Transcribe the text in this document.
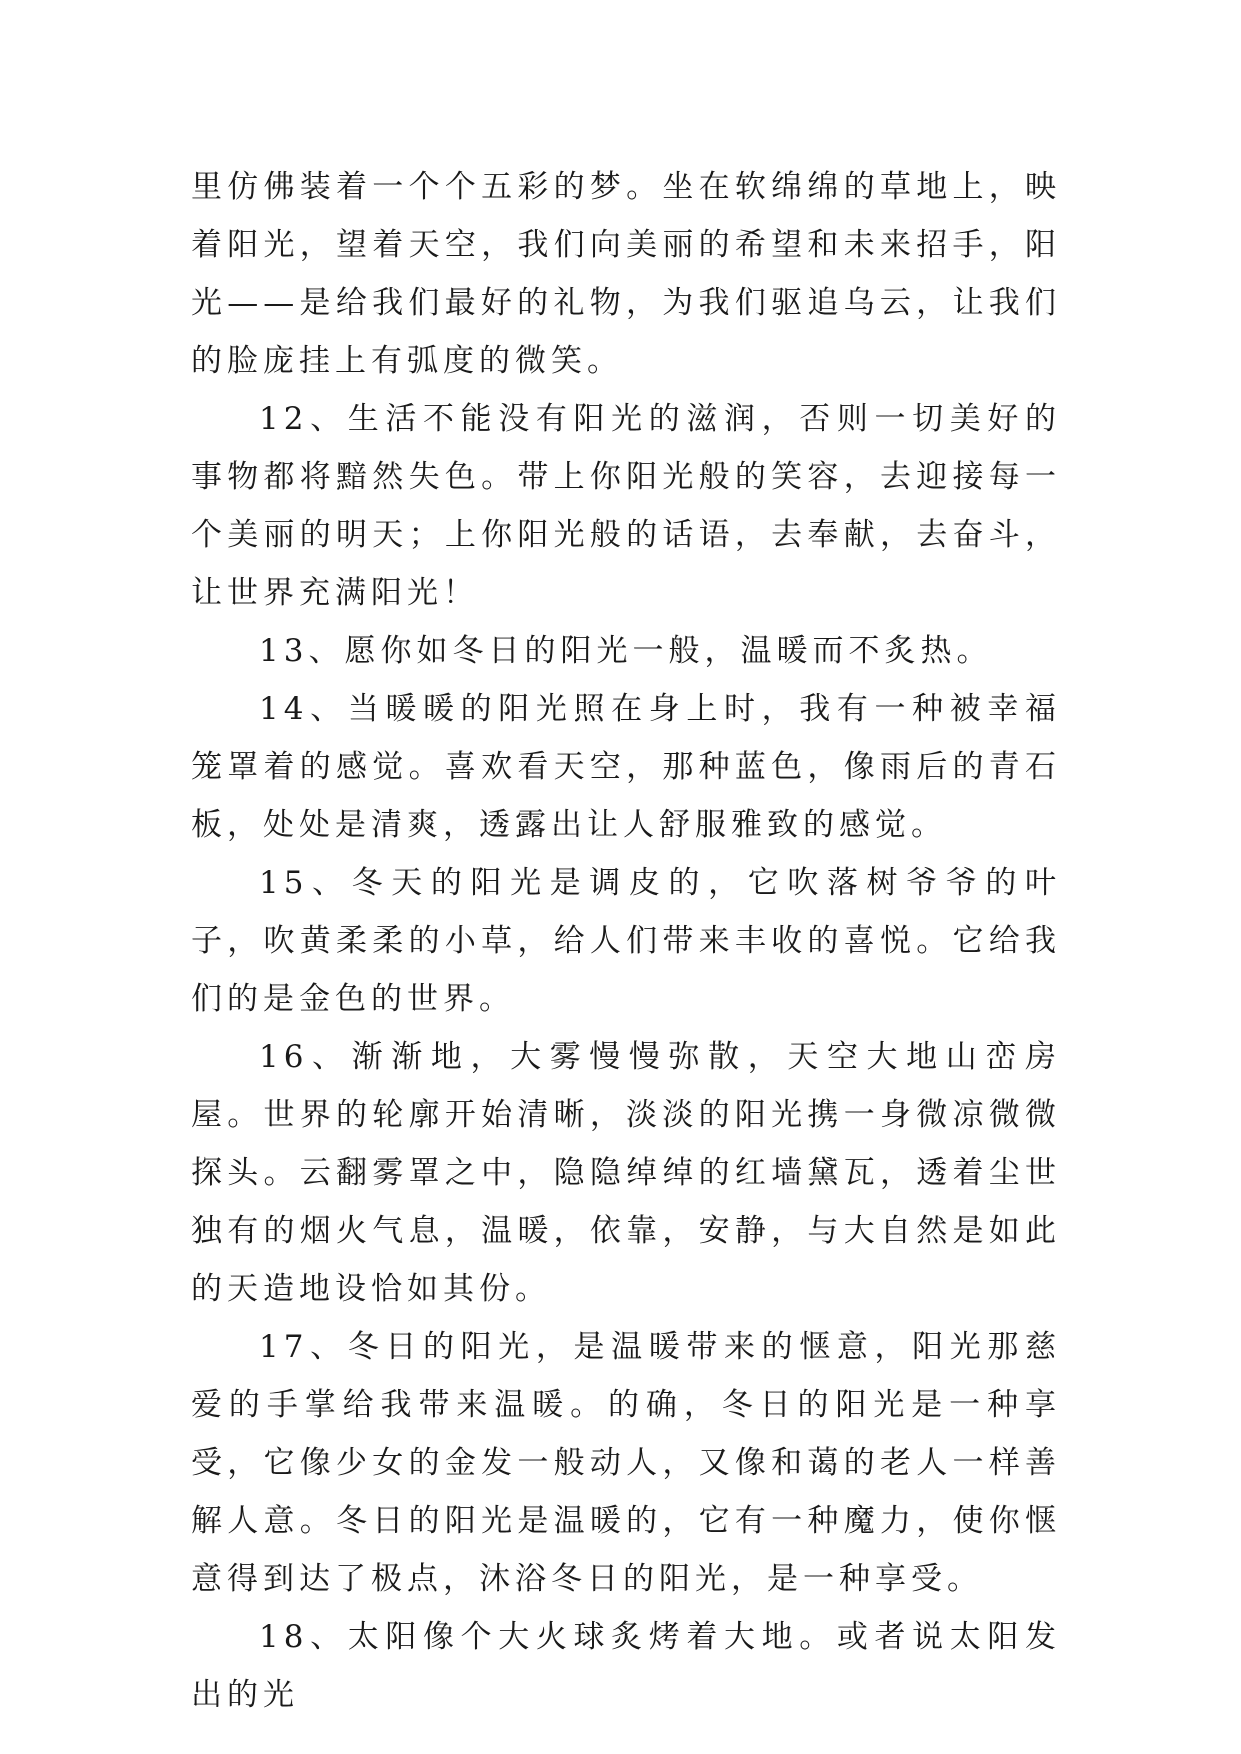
里仿佛装着一个个五彩的梦。坐在软绵绵的草地上，映着阳光，望着天空，我们向美丽的希望和未来招手，阳光——是给我们最好的礼物，为我们驱追乌云，让我们的脸庞挂上有弧度的微笑。

12、生活不能没有阳光的滋润，否则一切美好的事物都将黯然失色。带上你阳光般的笑容，去迎接每一个美丽的明天；上你阳光般的话语，去奉献，去奋斗，让世界充满阳光！

13、愿你如冬日的阳光一般，温暖而不炙热。

14、当暖暖的阳光照在身上时，我有一种被幸福笼罩着的感觉。喜欢看天空，那种蓝色，像雨后的青石板，处处是清爽，透露出让人舒服雅致的感觉。

15、冬天的阳光是调皮的，它吹落树爷爷的叶子，吹黄柔柔的小草，给人们带来丰收的喜悦。它给我们的是金色的世界。

16、渐渐地，大雾慢慢弥散，天空大地山峦房屋。世界的轮廓开始清晰，淡淡的阳光携一身微凉微微探头。云翻雾罩之中，隐隐绰绰的红墙黛瓦，透着尘世独有的烟火气息，温暖，依靠，安静，与大自然是如此的天造地设恰如其份。

17、冬日的阳光，是温暖带来的惬意，阳光那慈爱的手掌给我带来温暖。的确，冬日的阳光是一种享受，它像少女的金发一般动人，又像和蔼的老人一样善解人意。冬日的阳光是温暖的，它有一种魔力，使你惬意得到达了极点，沐浴冬日的阳光，是一种享受。

18、太阳像个大火球炙烤着大地。或者说太阳发出的光
